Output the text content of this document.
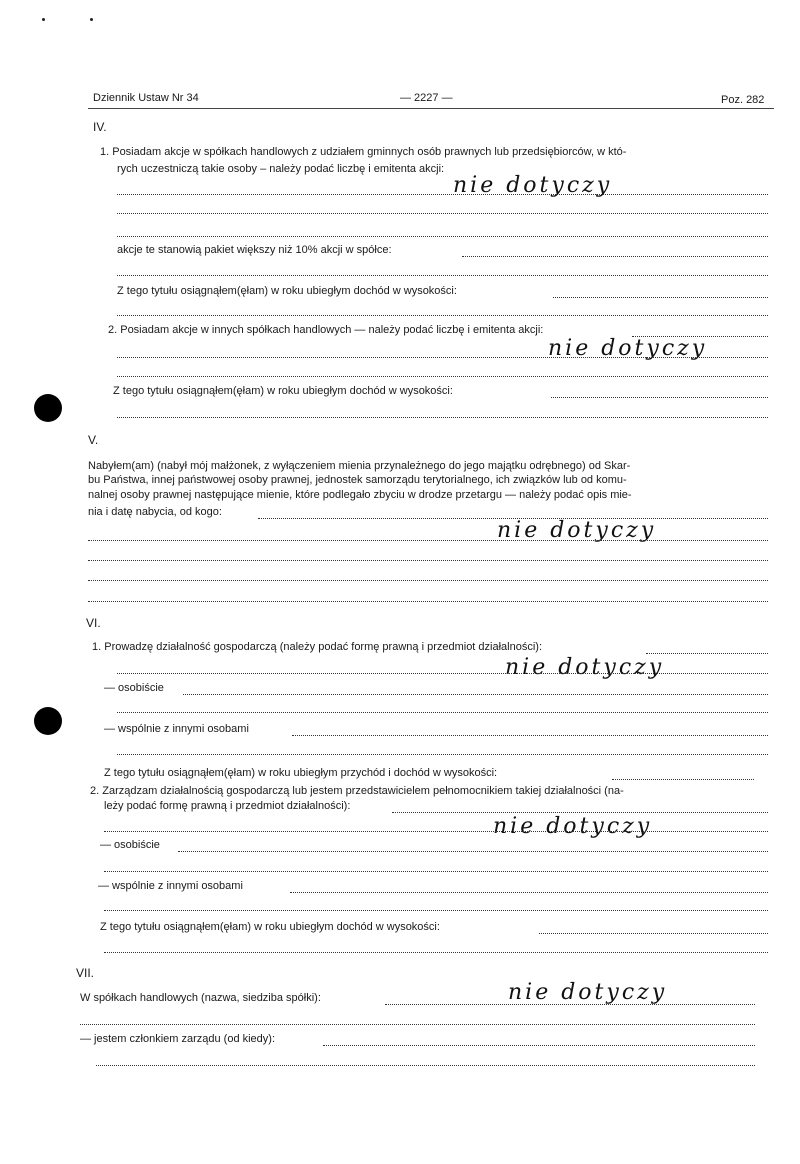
Dziennik Ustaw Nr 34	— 2227 —	Poz. 282
IV.
1. Posiadam akcje w spółkach handlowych z udziałem gminnych osób prawnych lub przedsiębiorców, w któ-
rych uczestniczą takie osoby – należy podać liczbę i emitenta akcji:
nie dotyczy
akcje te stanowią pakiet większy niż 10% akcji w spółce:
Z tego tytułu osiągnąłem(ęłam) w roku ubiegłym dochód w wysokości:
2. Posiadam akcje w innych spółkach handlowych — należy podać liczbę i emitenta akcji:
nie dotyczy
Z tego tytułu osiągnąłem(ęłam) w roku ubiegłym dochód w wysokości:
V.
Nabyłem(am) (nabył mój małżonek, z wyłączeniem mienia przynależnego do jego majątku odrębnego) od Skar-
bu Państwa, innej państwowej osoby prawnej, jednostek samorządu terytorialnego, ich związków lub od komu-
nalnej osoby prawnej następujące mienie, które podlegało zbyciu w drodze przetargu — należy podać opis mie-
nia i datę nabycia, od kogo:
nie dotyczy
VI.
1. Prowadzę działalność gospodarczą (należy podać formę prawną i przedmiot działalności):
nie dotyczy
— osobiście
— wspólnie z innymi osobami
Z tego tytułu osiągnąłem(ęłam) w roku ubiegłym przychód i dochód w wysokości:
2. Zarządzam działalnością gospodarczą lub jestem przedstawicielem pełnomocnikiem takiej działalności (na-
leży podać formę prawną i przedmiot działalności):
nie dotyczy
— osobiście
— wspólnie z innymi osobami
Z tego tytułu osiągnąłem(ęłam) w roku ubiegłym dochód w wysokości:
VII.
W spółkach handlowych (nazwa, siedziba spółki):	nie dotyczy
— jestem członkiem zarządu (od kiedy):
